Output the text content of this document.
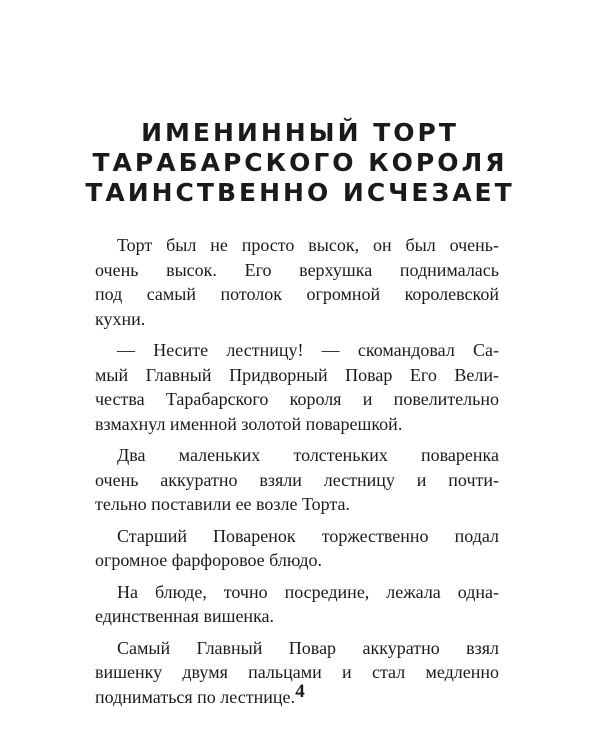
ИМЕНИННЫЙ ТОРТ
ТАРАБАРСКОГО КОРОЛЯ
ТАИНСТВЕННО ИСЧЕЗАЕТ

Торт был не просто высок, он был очень-
очень высок. Его верхушка поднималась
под самый потолок огромной королевской
кухни.

— Несите лестницу! — скомандовал Са-
мый Главный Придворный Повар Его Вели-
чества Тарабарского короля и повелительно
взмахнул именной золотой поварешкой.

Два маленьких толстеньких поваренка
очень аккуратно взяли лестницу и почти-
тельно поставили ее возле Торта.

Старший Поваренок торжественно подал
огромное фарфоровое блюдо.

На блюде, точно посредине, лежала одна-
единственная вишенка.

Самый Главный Повар аккуратно взял
вишенку двумя пальцами и стал медленно
подниматься по лестнице. 4
